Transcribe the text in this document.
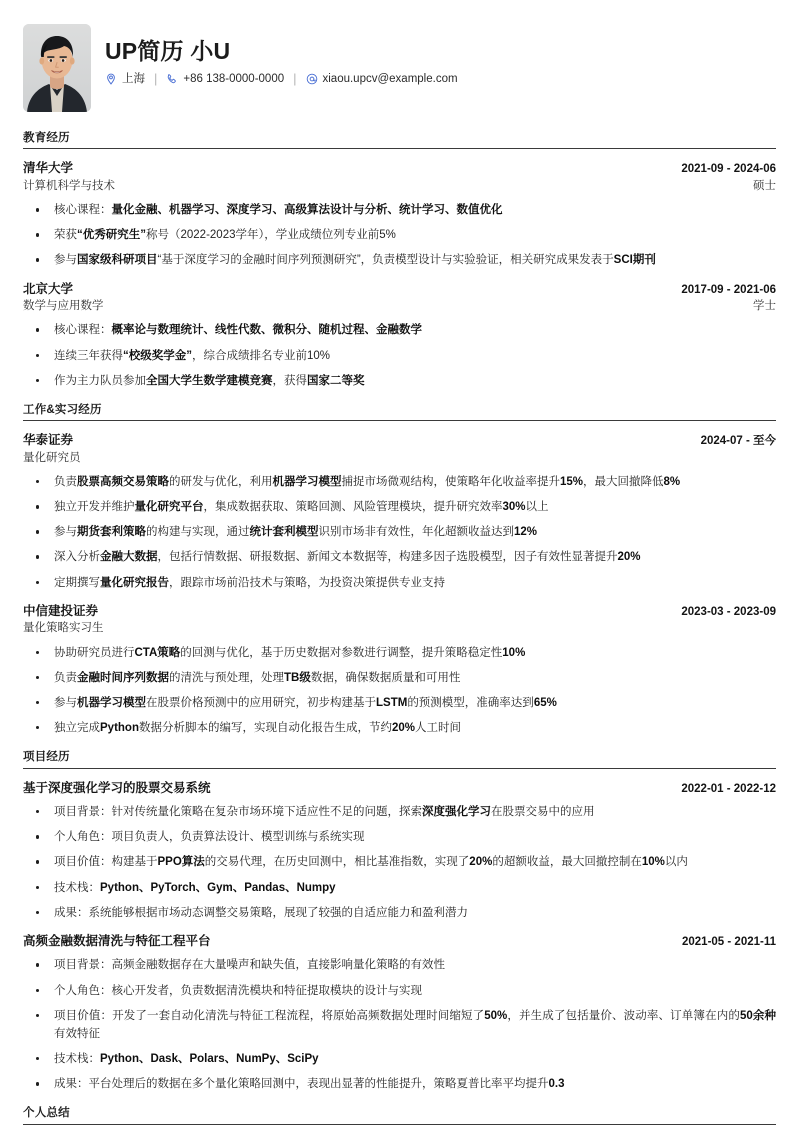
UP简历 小U
上海 | +86 138-0000-0000 | xiaou.upcv@example.com
教育经历
清华大学	2021-09 - 2024-06
计算机科学与技术	硕士
核心课程：量化金融、机器学习、深度学习、高级算法设计与分析、统计学习、数值优化
荣获“优秀研究生”称号（2022-2023学年），学业成绩位列专业前5%
参与国家级科研项目“基于深度学习的金融时间序列预测研究”，负责模型设计与实验验证，相关研究成果发表于SCI期刊
北京大学	2017-09 - 2021-06
数学与应用数学	学士
核心课程：概率论与数理统计、线性代数、微积分、随机过程、金融数学
连续三年获得“校级奖学金”，综合成绩排名专业前10%
作为主力队员参加全国大学生数学建模竞赛，获得国家二等奖
工作&实习经历
华泰证券	2024-07 - 至今
量化研究员
负责股票高频交易策略的研发与优化，利用机器学习模型捕捉市场微观结构，使策略年化收益率提升15%，最大回撤降低8%
独立开发并维护量化研究平台，集成数据获取、策略回测、风险管理模块，提升研究效率30%以上
参与期货套利策略的构建与实现，通过统计套利模型识别市场非有效性，年化超额收益达到12%
深入分析金融大数据，包括行情数据、研报数据、新闻文本数据等，构建多因子选股模型，因子有效性显著提升20%
定期撰写量化研究报告，跟踪市场前沿技术与策略，为投资决策提供专业支持
中信建投证券	2023-03 - 2023-09
量化策略实习生
协助研究员进行CTA策略的回测与优化，基于历史数据对参数进行调整，提升策略稳定性10%
负责金融时间序列数据的清洗与预处理，处理TB级数据，确保数据质量和可用性
参与机器学习模型在股票价格预测中的应用研究，初步构建基于LSTM的预测模型，准确率达到65%
独立完成Python数据分析脚本的编写，实现自动化报告生成，节约20%人工时间
项目经历
基于深度强化学习的股票交易系统	2022-01 - 2022-12
项目背景：针对传统量化策略在复杂市场环境下适应性不足的问题，探索深度强化学习在股票交易中的应用
个人角色：项目负责人，负责算法设计、模型训练与系统实现
项目价值：构建基于PPO算法的交易代理，在历史回测中，相比基准指数，实现了20%的超额收益，最大回撤控制在10%以内
技术栈：Python、PyTorch、Gym、Pandas、Numpy
成果：系统能够根据市场动态调整交易策略，展现了较强的自适应能力和盈利潜力
高频金融数据清洗与特征工程平台	2021-05 - 2021-11
项目背景：高频金融数据存在大量噪声和缺失值，直接影响量化策略的有效性
个人角色：核心开发者，负责数据清洗模块和特征提取模块的设计与实现
项目价值：开发了一套自动化清洗与特征工程流程，将原始高频数据处理时间缩短了50%，并生成了包括量价、波动率、订单簿在内的50余种有效特征
技术栈：Python、Dask、Polars、NumPy、SciPy
成果：平台处理后的数据在多个量化策略回测中，表现出显著的性能提升，策略夏普比率平均提升0.3
个人总结
